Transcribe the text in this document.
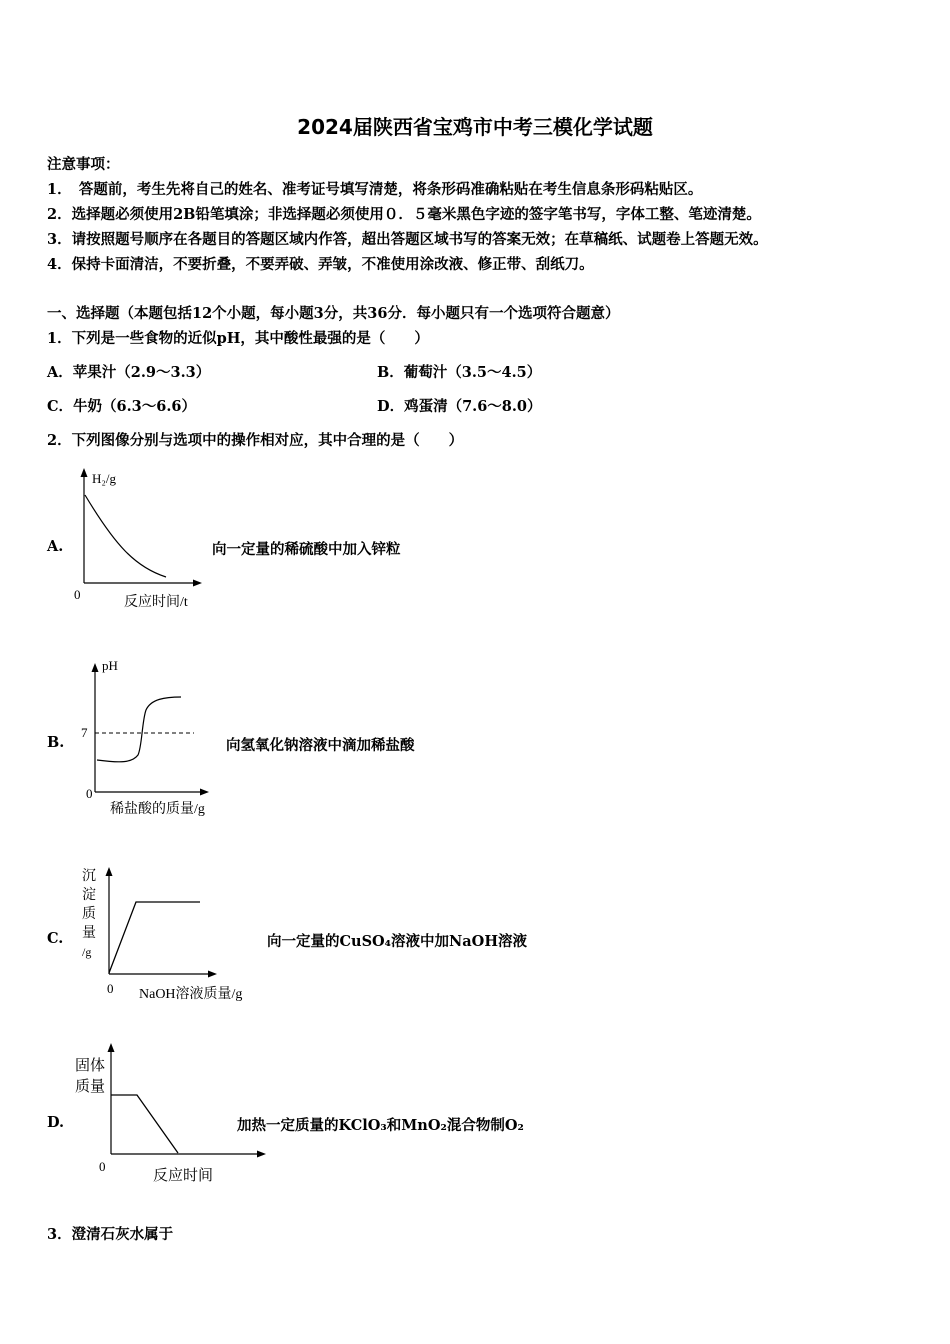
2024届陕西省宝鸡市中考三模化学试题
注意事项：
1．　答题前，考生先将自己的姓名、准考证号填写清楚，将条形码准确粘贴在考生信息条形码粘贴区。
2．选择题必须使用2B铅笔填涂；非选择题必须使用０．５毫米黑色字迹的签字笔书写，字体工整、笔迹清楚。
3．请按照题号顺序在各题目的答题区域内作答，超出答题区域书写的答案无效；在草稿纸、试题卷上答题无效。
4．保持卡面清洁，不要折叠，不要弄破、弄皱，不准使用涂改液、修正带、刮纸刀。
一、选择题（本题包括12个小题，每小题3分，共36分．每小题只有一个选项符合题意）
1．下列是一些食物的近似pH，其中酸性最强的是（　　）
A．苹果汁（2.9～3.3）	B．葡萄汁（3.5～4.5）
C．牛奶（6.3～6.6）	D．鸡蛋清（7.6～8.0）
2．下列图像分别与选项中的操作相对应，其中合理的是（　　）
A.
H₂/g
0
反应时间/t
向一定量的稀硫酸中加入锌粒
B.
pH
7
0
稀盐酸的质量/g
向氢氧化钠溶液中滴加稀盐酸
C.
沉
淀
质
量
/g
0 NaOH溶液质量/g
向一定量的CuSO₄溶液中加NaOH溶液
D.
固体
质量
0
反应时间
加热一定质量的KClO₃和MnO₂混合物制O₂
3．澄清石灰水属于
